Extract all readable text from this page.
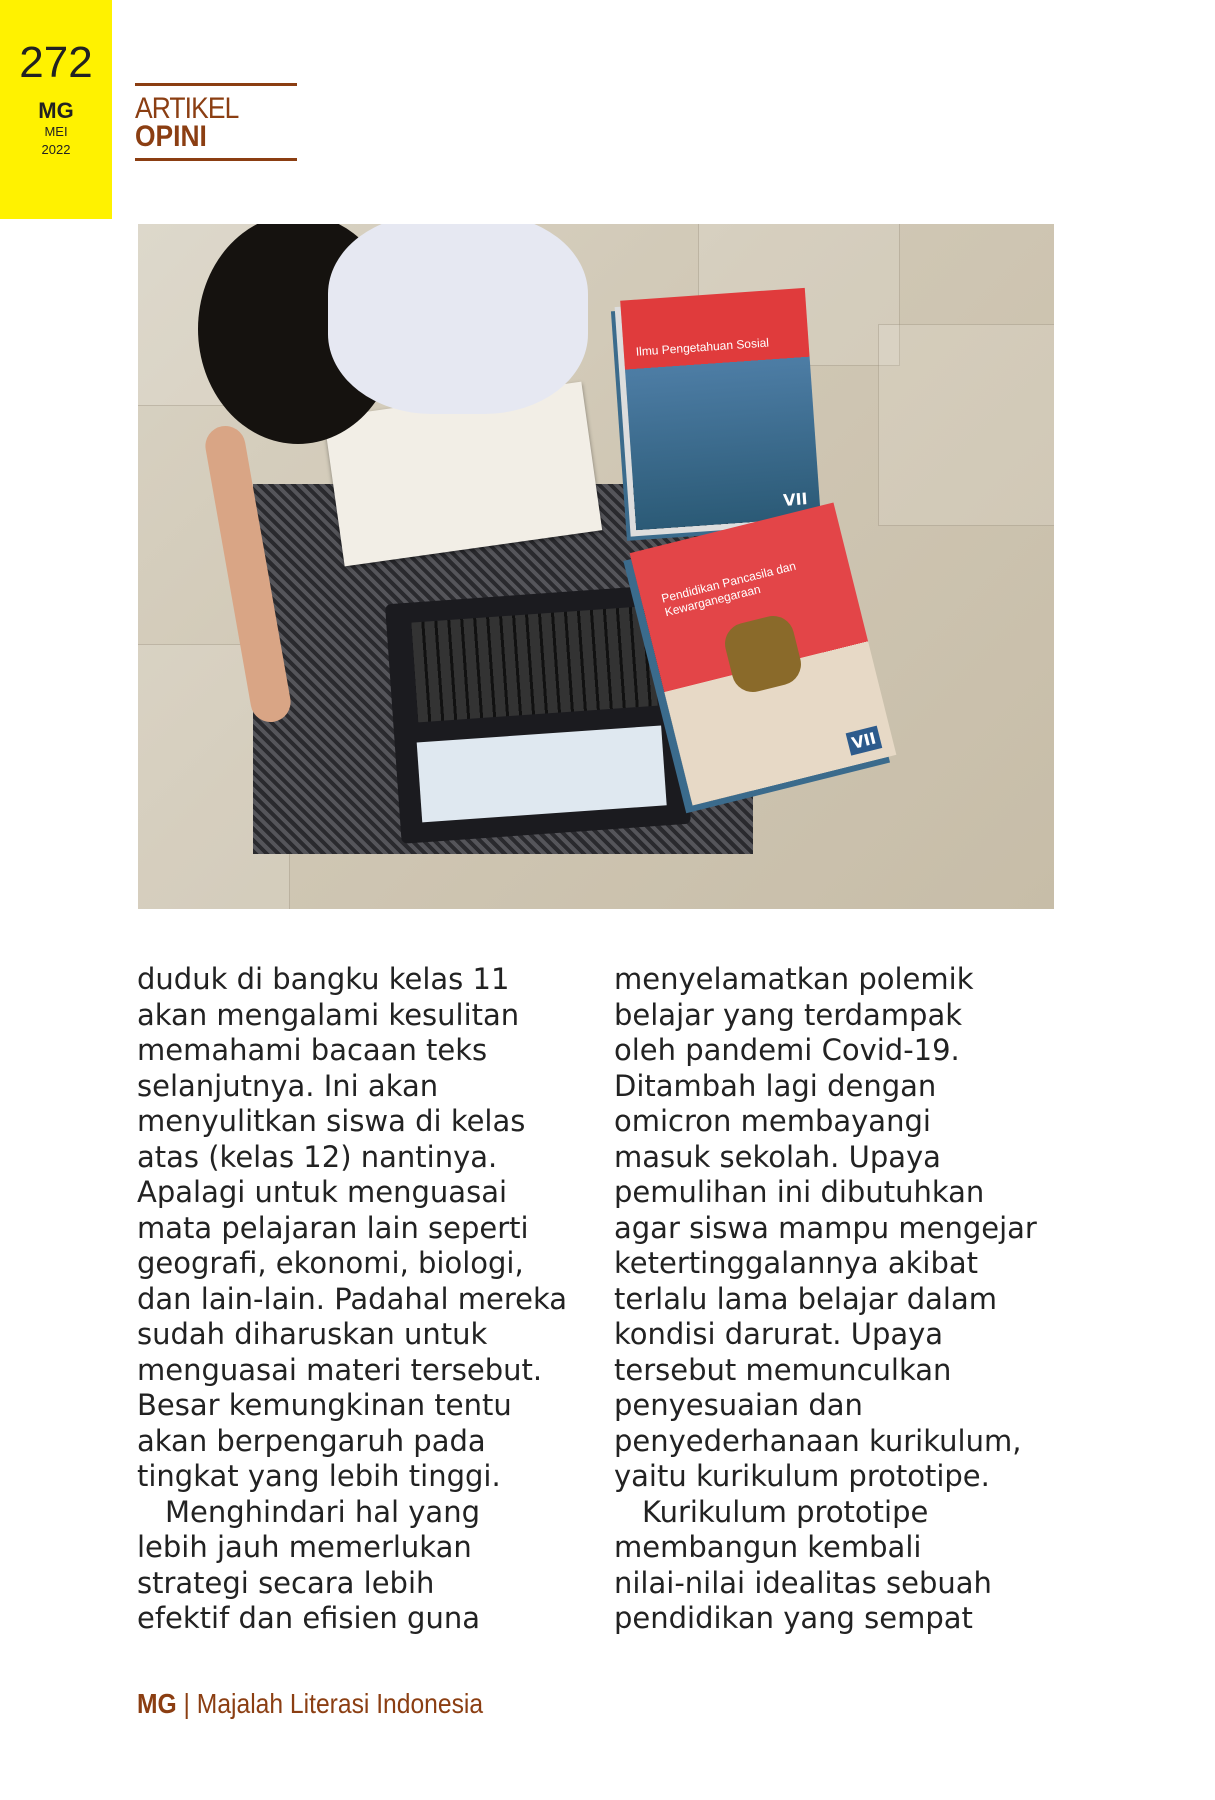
272
MG
MEI
2022
ARTIKEL
OPINI
Ilmu Pengetahuan Sosial
VII
Pendidikan Pancasila dan Kewarganegaraan
VII
duduk di bangku kelas 11
akan mengalami kesulitan
memahami bacaan teks
selanjutnya. Ini akan
menyulitkan siswa di kelas
atas (kelas 12) nantinya.
Apalagi untuk menguasai
mata pelajaran lain seperti
geografi, ekonomi, biologi,
dan lain-lain. Padahal mereka
sudah diharuskan untuk
menguasai materi tersebut.
Besar kemungkinan tentu
akan berpengaruh pada
tingkat yang lebih tinggi.
Menghindari hal yang
lebih jauh memerlukan
strategi secara lebih
efektif dan efisien guna
menyelamatkan polemik
belajar yang terdampak
oleh pandemi Covid-19.
Ditambah lagi dengan
omicron membayangi
masuk sekolah. Upaya
pemulihan ini dibutuhkan
agar siswa mampu mengejar
ketertinggalannya akibat
terlalu lama belajar dalam
kondisi darurat. Upaya
tersebut memunculkan
penyesuaian dan
penyederhanaan kurikulum,
yaitu kurikulum prototipe.
Kurikulum prototipe
membangun kembali
nilai-nilai idealitas sebuah
pendidikan yang sempat
MG | Majalah Literasi Indonesia
